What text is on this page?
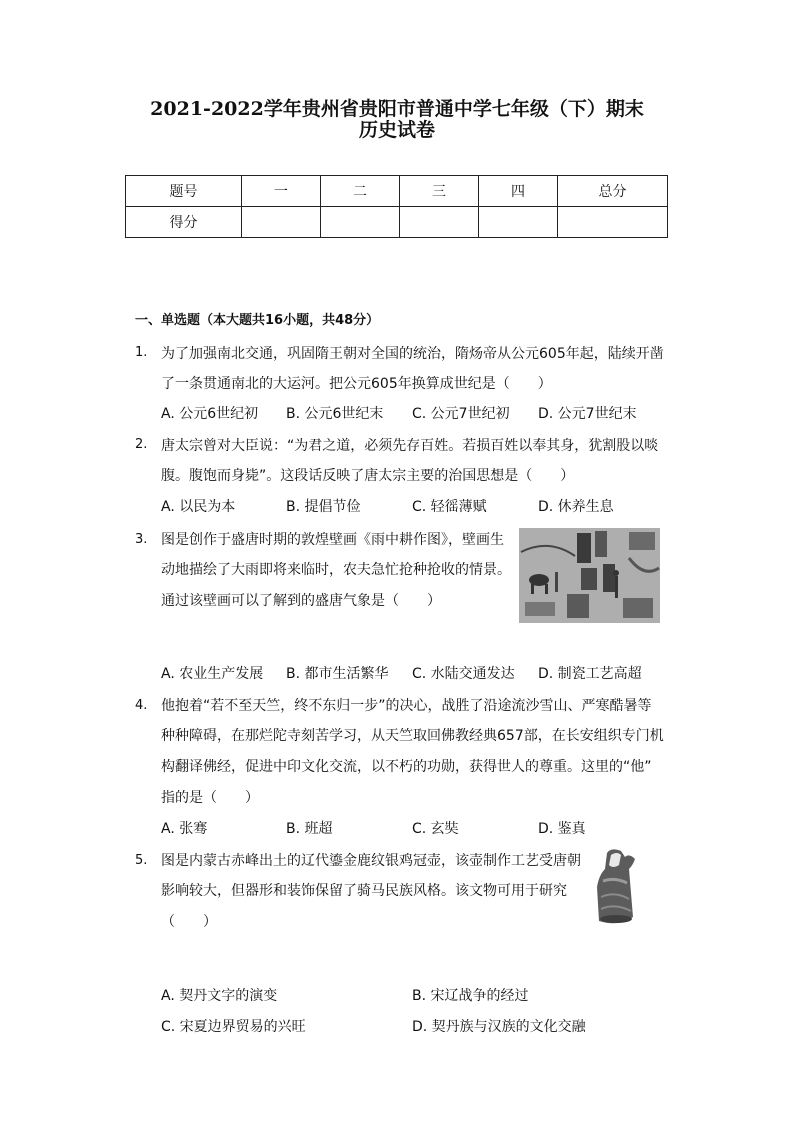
2021-2022学年贵州省贵阳市普通中学七年级（下）期末
历史试卷
题号	一	二	三	四	总分
得分					
一、单选题（本大题共16小题，共48分）
1. 为了加强南北交通，巩固隋王朝对全国的统治，隋炀帝从公元605年起，陆续开凿
了一条贯通南北的大运河。把公元605年换算成世纪是（　　）
A. 公元6世纪初 B. 公元6世纪末 C. 公元7世纪初 D. 公元7世纪末
2. 唐太宗曾对大臣说：“为君之道，必须先存百姓。若损百姓以奉其身，犹割股以啖
腹。腹饱而身毙”。这段话反映了唐太宗主要的治国思想是（　　）
A. 以民为本	B. 提倡节俭	C. 轻徭薄赋	D. 休养生息
3. 图是创作于盛唐时期的敦煌壁画《雨中耕作图》，壁画生
动地描绘了大雨即将来临时，农夫急忙抢种抢收的情景。
通过该壁画可以了解到的盛唐气象是（　　）
A. 农业生产发展 B. 都市生活繁华 C. 水陆交通发达 D. 制瓷工艺高超
4. 他抱着“若不至天竺，终不东归一步”的决心，战胜了沿途流沙雪山、严寒酷暑等
种种障碍，在那烂陀寺刻苦学习，从天竺取回佛教经典657部，在长安组织专门机
构翻译佛经，促进中印文化交流，以不朽的功勋，获得世人的尊重。这里的“他”
指的是（　　）
A. 张骞	B. 班超	C. 玄奘	D. 鉴真
5. 图是内蒙古赤峰出土的辽代鎏金鹿纹银鸡冠壶，该壶制作工艺受唐朝
影响较大，但器形和装饰保留了骑马民族风格。该文物可用于研究
（　　）
A. 契丹文字的演变	B. 宋辽战争的经过
C. 宋夏边界贸易的兴旺	D. 契丹族与汉族的文化交融
